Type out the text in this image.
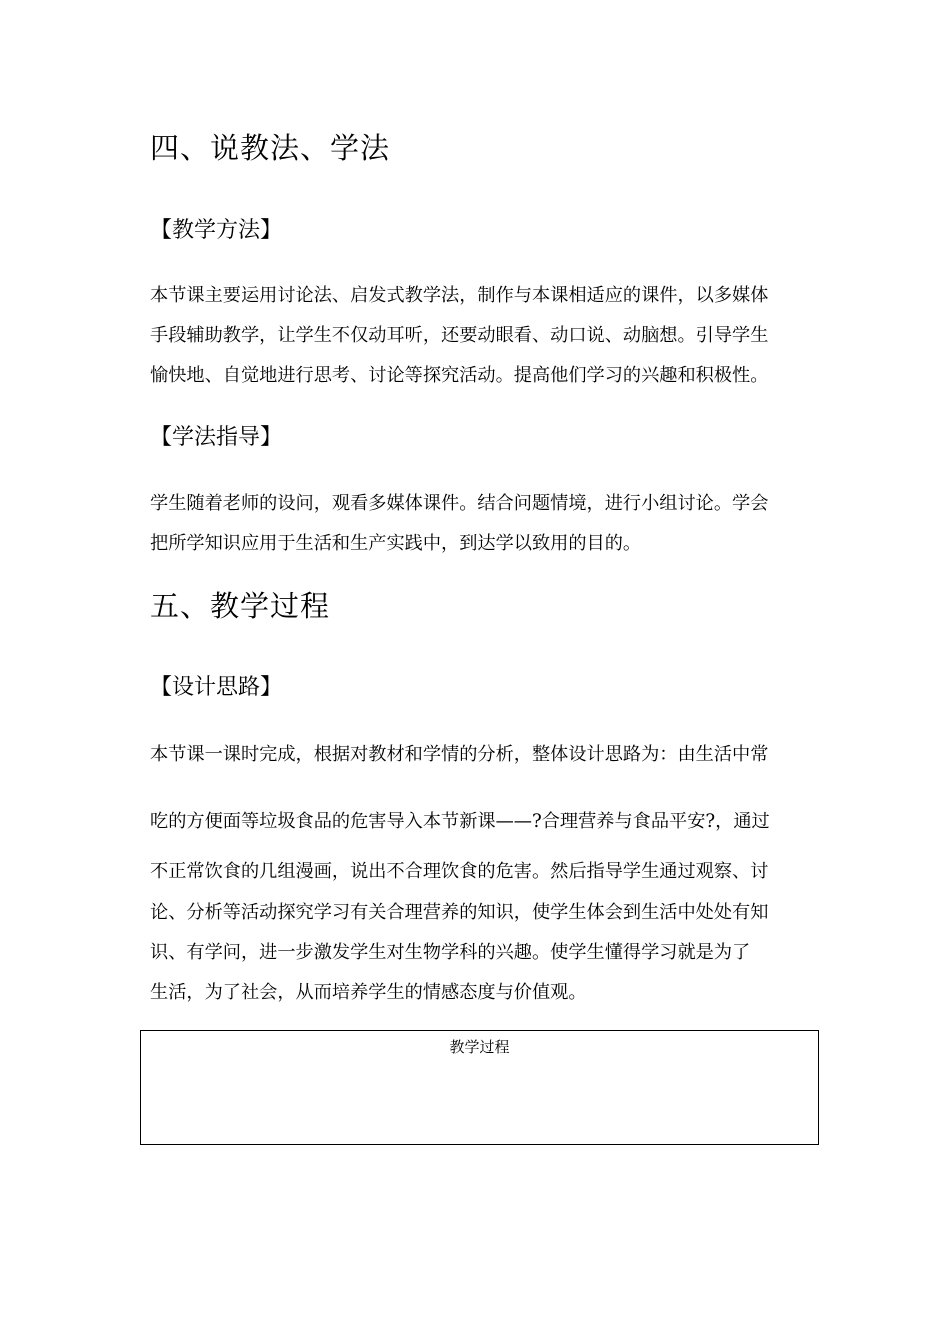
四、说教法、学法
【教学方法】
本节课主要运用讨论法、启发式教学法，制作与本课相适应的课件，以多媒体
手段辅助教学，让学生不仅动耳听，还要动眼看、动口说、动脑想。引导学生
愉快地、自觉地进行思考、讨论等探究活动。提高他们学习的兴趣和积极性。
【学法指导】
学生随着老师的设问，观看多媒体课件。结合问题情境，进行小组讨论。学会
把所学知识应用于生活和生产实践中，到达学以致用的目的。
五、教学过程
【设计思路】
本节课一课时完成，根据对教材和学情的分析，整体设计思路为：由生活中常
吃的方便面等垃圾食品的危害导入本节新课——?合理营养与食品平安?，通过
不正常饮食的几组漫画，说出不合理饮食的危害。然后指导学生通过观察、讨
论、分析等活动探究学习有关合理营养的知识，使学生体会到生活中处处有知
识、有学问，进一步激发学生对生物学科的兴趣。使学生懂得学习就是为了
生活，为了社会，从而培养学生的情感态度与价值观。
教学过程
